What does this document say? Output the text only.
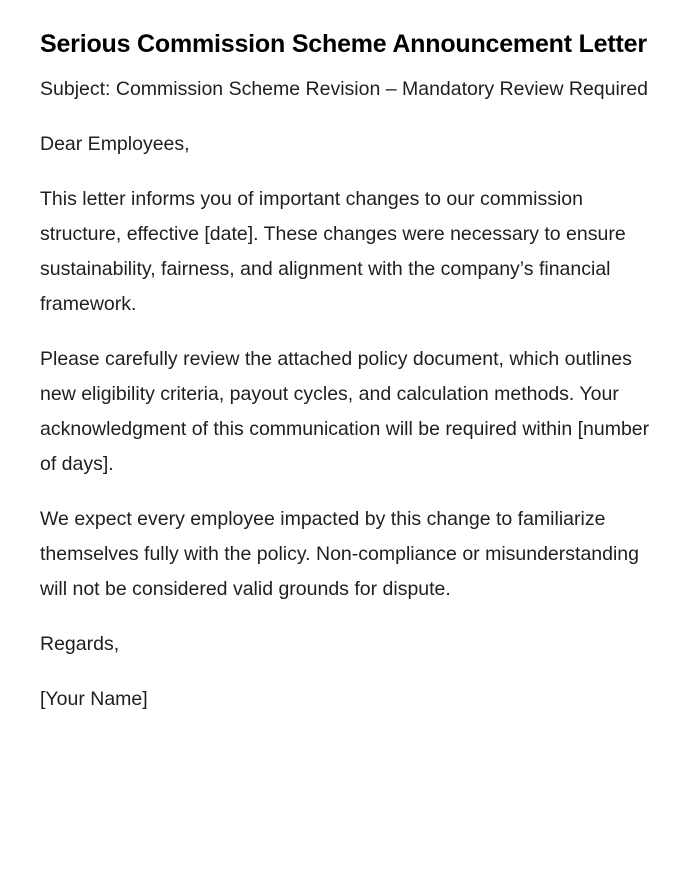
Serious Commission Scheme Announcement Letter

Subject: Commission Scheme Revision – Mandatory Review Required

Dear Employees,

This letter informs you of important changes to our commission structure, effective [date]. These changes were necessary to ensure sustainability, fairness, and alignment with the company’s financial framework.

Please carefully review the attached policy document, which outlines new eligibility criteria, payout cycles, and calculation methods. Your acknowledgment of this communication will be required within [number of days].

We expect every employee impacted by this change to familiarize themselves fully with the policy. Non-compliance or misunderstanding will not be considered valid grounds for dispute.

Regards,

[Your Name]
